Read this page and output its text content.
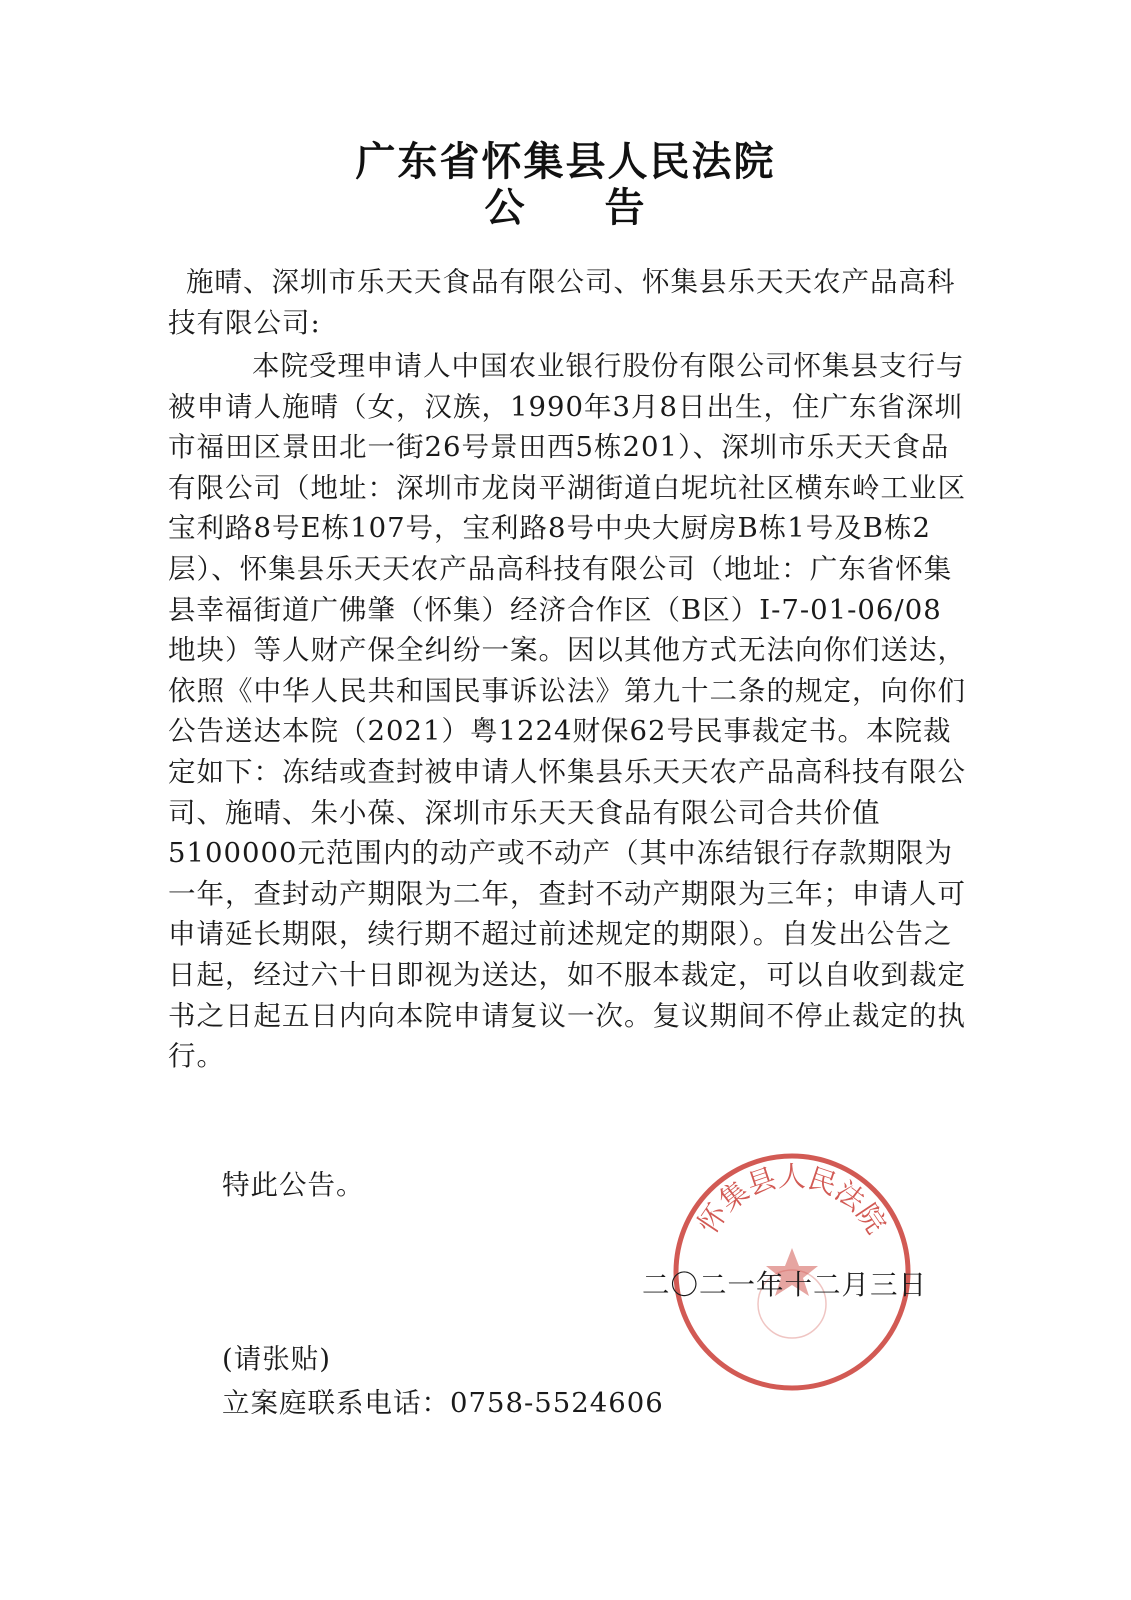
广东省怀集县人民法院
公 告
施晴、深圳市乐天天食品有限公司、怀集县乐天天农产品高科技有限公司:
本院受理申请人中国农业银行股份有限公司怀集县支行与被申请人施晴（女，汉族，1990年3月8日出生，住广东省深圳市福田区景田北一街26号景田西5栋201）、深圳市乐天天食品有限公司（地址：深圳市龙岗平湖街道白坭坑社区横东岭工业区宝利路8号E栋107号，宝利路8号中央大厨房B栋1号及B栋2层）、怀集县乐天天农产品高科技有限公司（地址：广东省怀集县幸福街道广佛肇（怀集）经济合作区（B区）I-7-01-06/08地块）等人财产保全纠纷一案。因以其他方式无法向你们送达，依照《中华人民共和国民事诉讼法》第九十二条的规定，向你们公告送达本院（2021）粤1224财保62号民事裁定书。本院裁定如下：冻结或查封被申请人怀集县乐天天农产品高科技有限公司、施晴、朱小葆、深圳市乐天天食品有限公司合共价值5100000元范围内的动产或不动产（其中冻结银行存款期限为一年，查封动产期限为二年，查封不动产期限为三年；申请人可申请延长期限，续行期不超过前述规定的期限）。自发出公告之日起，经过六十日即视为送达，如不服本裁定，可以自收到裁定书之日起五日内向本院申请复议一次。复议期间不停止裁定的执行。
特此公告。
怀集县人民法院
二〇二一年十二月三日
(请张贴)
立案庭联系电话：0758-5524606
